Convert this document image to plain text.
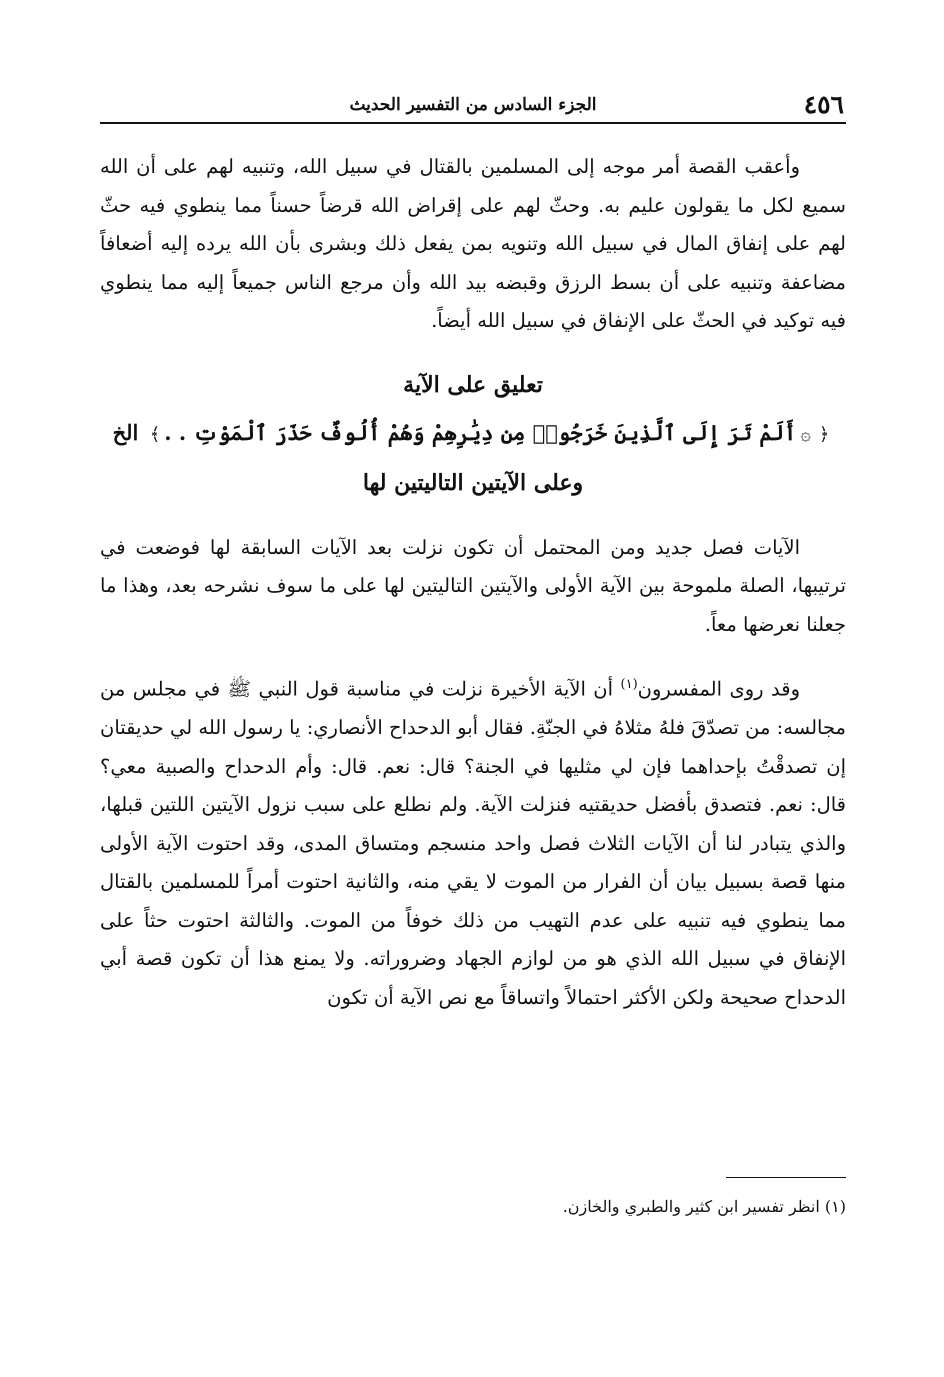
٤٥٦
الجزء السادس من التفسير الحديث

وأعقب القصة أمر موجه إلى المسلمين بالقتال في سبيل الله، وتنبيه لهم على أن الله سميع لكل ما يقولون عليم به. وحثّ لهم على إقراض الله قرضاً حسناً مما ينطوي فيه حثّ لهم على إنفاق المال في سبيل الله وتنويه بمن يفعل ذلك وبشرى بأن الله يرده إليه أضعافاً مضاعفة وتنبيه على أن بسط الرزق وقبضه بيد الله وأن مرجع الناس جميعاً إليه مما ينطوي فيه توكيد في الحثّ على الإنفاق في سبيل الله أيضاً.

تعليق على الآية

﴿۞أَلَمْ تَرَ إِلَى ٱلَّذِينَ خَرَجُوا۟ مِن دِيَٰرِهِمْ وَهُمْ أُلُوفٌ حَذَرَ ٱلْمَوْتِ . .﴾ الخ

وعلى الآيتين التاليتين لها

الآيات فصل جديد ومن المحتمل أن تكون نزلت بعد الآيات السابقة لها فوضعت في ترتيبها، الصلة ملموحة بين الآية الأولى والآيتين التاليتين لها على ما سوف نشرحه بعد، وهذا ما جعلنا نعرضها معاً.

وقد روى المفسرون$^{(١)}$ أن الآية الأخيرة نزلت في مناسبة قول النبي ﷺ في مجلس من مجالسه: من تصدّقَ فلهُ مثلاهُ في الجنّةِ. فقال أبو الدحداح الأنصاري: يا رسول الله لي حديقتان إن تصدقْتُ بإحداهما فإن لي مثليها في الجنة؟ قال: نعم. قال: وأم الدحداح والصبية معي؟ قال: نعم. فتصدق بأفضل حديقتيه فنزلت الآية. ولم نطلع على سبب نزول الآيتين اللتين قبلها، والذي يتبادر لنا أن الآيات الثلاث فصل واحد منسجم ومتساق المدى، وقد احتوت الآية الأولى منها قصة بسبيل بيان أن الفرار من الموت لا يقي منه، والثانية احتوت أمراً للمسلمين بالقتال مما ينطوي فيه تنبيه على عدم التهيب من ذلك خوفاً من الموت. والثالثة احتوت حثاً على الإنفاق في سبيل الله الذي هو من لوازم الجهاد وضروراته. ولا يمنع هذا أن تكون قصة أبي الدحداح صحيحة ولكن الأكثر احتمالاً واتساقاً مع نص الآية أن تكون

(١) انظر تفسير ابن كثير والطبري والخازن.
